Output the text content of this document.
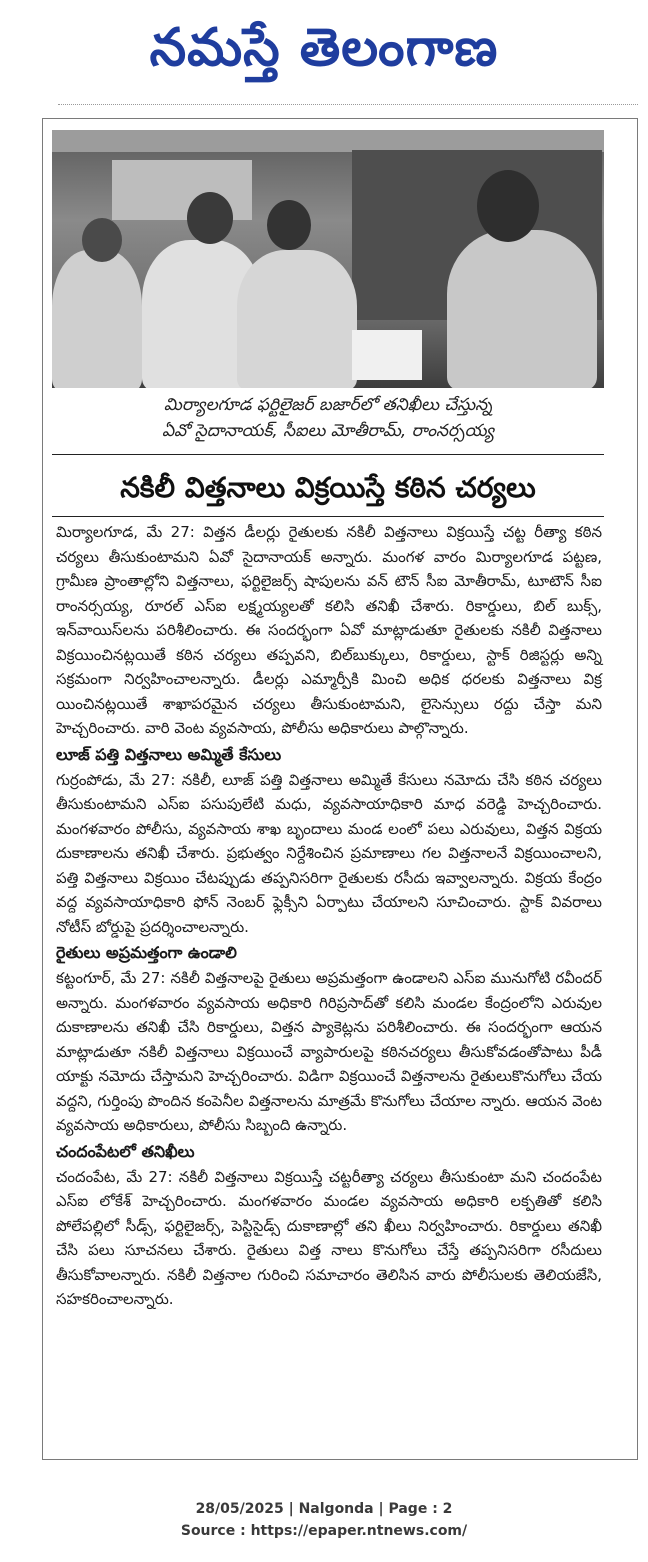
నమస్తే తెలంగాణ
మిర్యాలగూడ ఫర్టిలైజర్ బజార్‌లో తనిఖీలు చేస్తున్న
ఏవో సైదానాయక్, సీఐలు మోతీరామ్, రాంనర్సయ్య
నకిలీ విత్తనాలు విక్రయిస్తే కఠిన చర్యలు

మిర్యాలగూడ, మే 27: విత్తన డీలర్లు రైతులకు నకిలీ విత్తనాలు విక్రయిస్తే చట్ట రీత్యా కఠిన చర్యలు తీసుకుంటామని ఏవో సైదానాయక్ అన్నారు. మంగళ వారం మిర్యాలగూడ పట్టణ, గ్రామీణ ప్రాంతాల్లోని విత్తనాలు, ఫర్టిలైజర్స్ షాపులను వన్ టౌన్ సీఐ మోతీరామ్, టూటౌన్ సీఐ రాంనర్సయ్య, రూరల్ ఎస్ఐ లక్ష్మయ్యలతో కలిసి తనిఖీ చేశారు. రికార్డులు, బిల్ బుక్స్, ఇన్‌వాయిస్‌లను పరిశీలించారు. ఈ సందర్భంగా ఏవో మాట్లాడుతూ రైతులకు నకిలీ విత్తనాలు విక్రయించినట్లయితే కఠిన చర్యలు తప్పవని, బిల్‌బుక్కులు, రికార్డులు, స్టాక్ రిజిస్టర్లు అన్ని సక్రమంగా నిర్వహించాలన్నారు. డీలర్లు ఎమ్మార్పీకి మించి అధిక ధరలకు విత్తనాలు విక్ర యించినట్లయితే శాఖాపరమైన చర్యలు తీసుకుంటామని, లైసెన్సులు రద్దు చేస్తా మని హెచ్చరించారు. వారి వెంట వ్యవసాయ, పోలీసు అధికారులు పాల్గొన్నారు.

లూజ్ పత్తి విత్తనాలు అమ్మితే కేసులు

గుర్రంపోడు, మే 27: నకిలీ, లూజ్ పత్తి విత్తనాలు అమ్మితే కేసులు నమోదు చేసి కఠిన చర్యలు తీసుకుంటామని ఎస్ఐ పసుపులేటి మధు, వ్యవసాయాధికారి మాధ వరెడ్డి హెచ్చరించారు. మంగళవారం పోలీసు, వ్యవసాయ శాఖ బృందాలు మండ లంలో పలు ఎరువులు, విత్తన విక్రయ దుకాణాలను తనిఖీ చేశారు. ప్రభుత్వం నిర్దేశించిన ప్రమాణాలు గల విత్తనాలనే విక్రయించాలని, పత్తి విత్తనాలు విక్రయిం చేటప్పుడు తప్పనిసరిగా రైతులకు రసీదు ఇవ్వాలన్నారు. విక్రయ కేంద్రం వద్ద వ్యవసాయాధికారి ఫోన్ నెంబర్ ఫ్లెక్సీని ఏర్పాటు చేయాలని సూచించారు. స్టాక్ వివరాలు నోటీస్ బోర్డుపై ప్రదర్శించాలన్నారు.

రైతులు అప్రమత్తంగా ఉండాలి

కట్టంగూర్, మే 27: నకిలీ విత్తనాలపై రైతులు అప్రమత్తంగా ఉండాలని ఎస్ఐ మునుగోటి రవీందర్ అన్నారు. మంగళవారం వ్యవసాయ అధికారి గిరిప్రసాద్‌తో కలిసి మండల కేంద్రంలోని ఎరువుల దుకాణాలను తనిఖీ చేసి రికార్డులు, విత్తన ప్యాకెట్లను పరిశీలించారు. ఈ సందర్భంగా ఆయన మాట్లాడుతూ నకిలీ విత్తనాలు విక్రయించే వ్యాపారులపై కఠినచర్యలు తీసుకోవడంతోపాటు పీడీ యాక్టు నమోదు చేస్తామని హెచ్చరించారు. విడిగా విక్రయించే విత్తనాలను రైతులుకొనుగోలు చేయ వద్దని, గుర్తింపు పొందిన కంపెనీల విత్తనాలను మాత్రమే కొనుగోలు చేయాల న్నారు. ఆయన వెంట వ్యవసాయ అధికారులు, పోలీసు సిబ్బంది ఉన్నారు.

చందంపేటలో తనిఖీలు

చందంపేట, మే 27: నకిలీ విత్తనాలు విక్రయిస్తే చట్టరీత్యా చర్యలు తీసుకుంటా మని చందంపేట ఎస్ఐ లోకేశ్ హెచ్చరించారు. మంగళవారం మండల వ్యవసాయ అధికారి లక్పతితో కలిసి పోలేపల్లిలో సీడ్స్, ఫర్టిలైజర్స్, పెస్టిసైడ్స్ దుకాణాల్లో తని ఖీలు నిర్వహించారు. రికార్డులు తనిఖీ చేసి పలు సూచనలు చేశారు. రైతులు విత్త నాలు కొనుగోలు చేస్తే తప్పనిసరిగా రసీదులు తీసుకోవాలన్నారు. నకిలీ విత్తనాల గురించి సమాచారం తెలిసిన వారు పోలీసులకు తెలియజేసి, సహకరించాలన్నారు.

28/05/2025 | Nalgonda | Page : 2
Source : https://epaper.ntnews.com/
